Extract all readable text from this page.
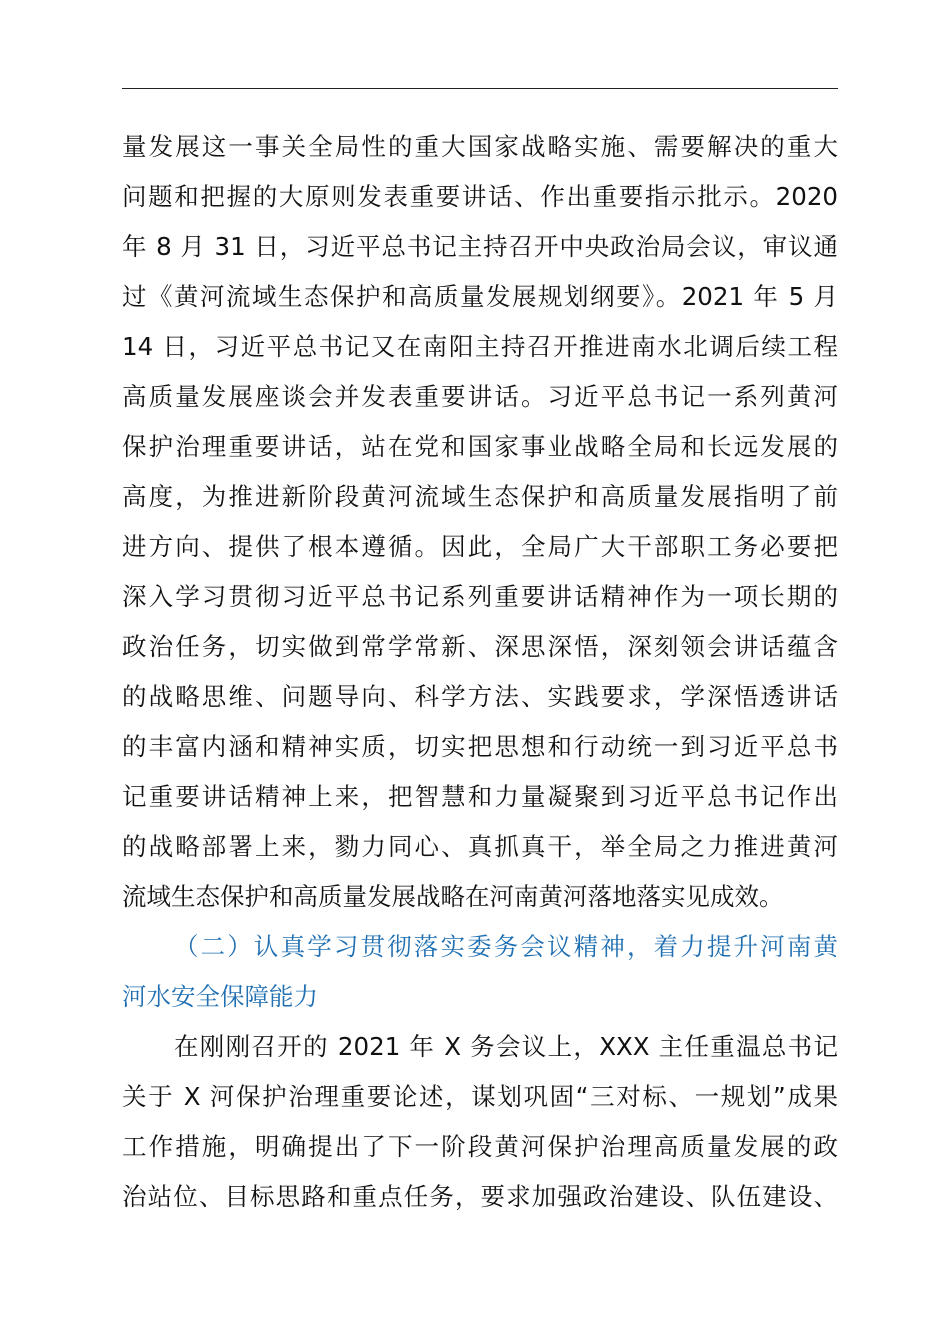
量发展这一事关全局性的重大国家战略实施、需要解决的重大
问题和把握的大原则发表重要讲话、作出重要指示批示。2020
年 8 月 31 日，习近平总书记主持召开中央政治局会议，审议通
过《黄河流域生态保护和高质量发展规划纲要》。2021 年 5 月
14 日，习近平总书记又在南阳主持召开推进南水北调后续工程
高质量发展座谈会并发表重要讲话。习近平总书记一系列黄河
保护治理重要讲话，站在党和国家事业战略全局和长远发展的
高度，为推进新阶段黄河流域生态保护和高质量发展指明了前
进方向、提供了根本遵循。因此，全局广大干部职工务必要把
深入学习贯彻习近平总书记系列重要讲话精神作为一项长期的
政治任务，切实做到常学常新、深思深悟，深刻领会讲话蕴含
的战略思维、问题导向、科学方法、实践要求，学深悟透讲话
的丰富内涵和精神实质，切实把思想和行动统一到习近平总书
记重要讲话精神上来，把智慧和力量凝聚到习近平总书记作出
的战略部署上来，勠力同心、真抓真干，举全局之力推进黄河
流域生态保护和高质量发展战略在河南黄河落地落实见成效。
（二）认真学习贯彻落实委务会议精神，着力提升河南黄
河水安全保障能力
在刚刚召开的 2021 年 X 务会议上，XXX 主任重温总书记
关于 X 河保护治理重要论述，谋划巩固“三对标、一规划”成果
工作措施，明确提出了下一阶段黄河保护治理高质量发展的政
治站位、目标思路和重点任务，要求加强政治建设、队伍建设、
